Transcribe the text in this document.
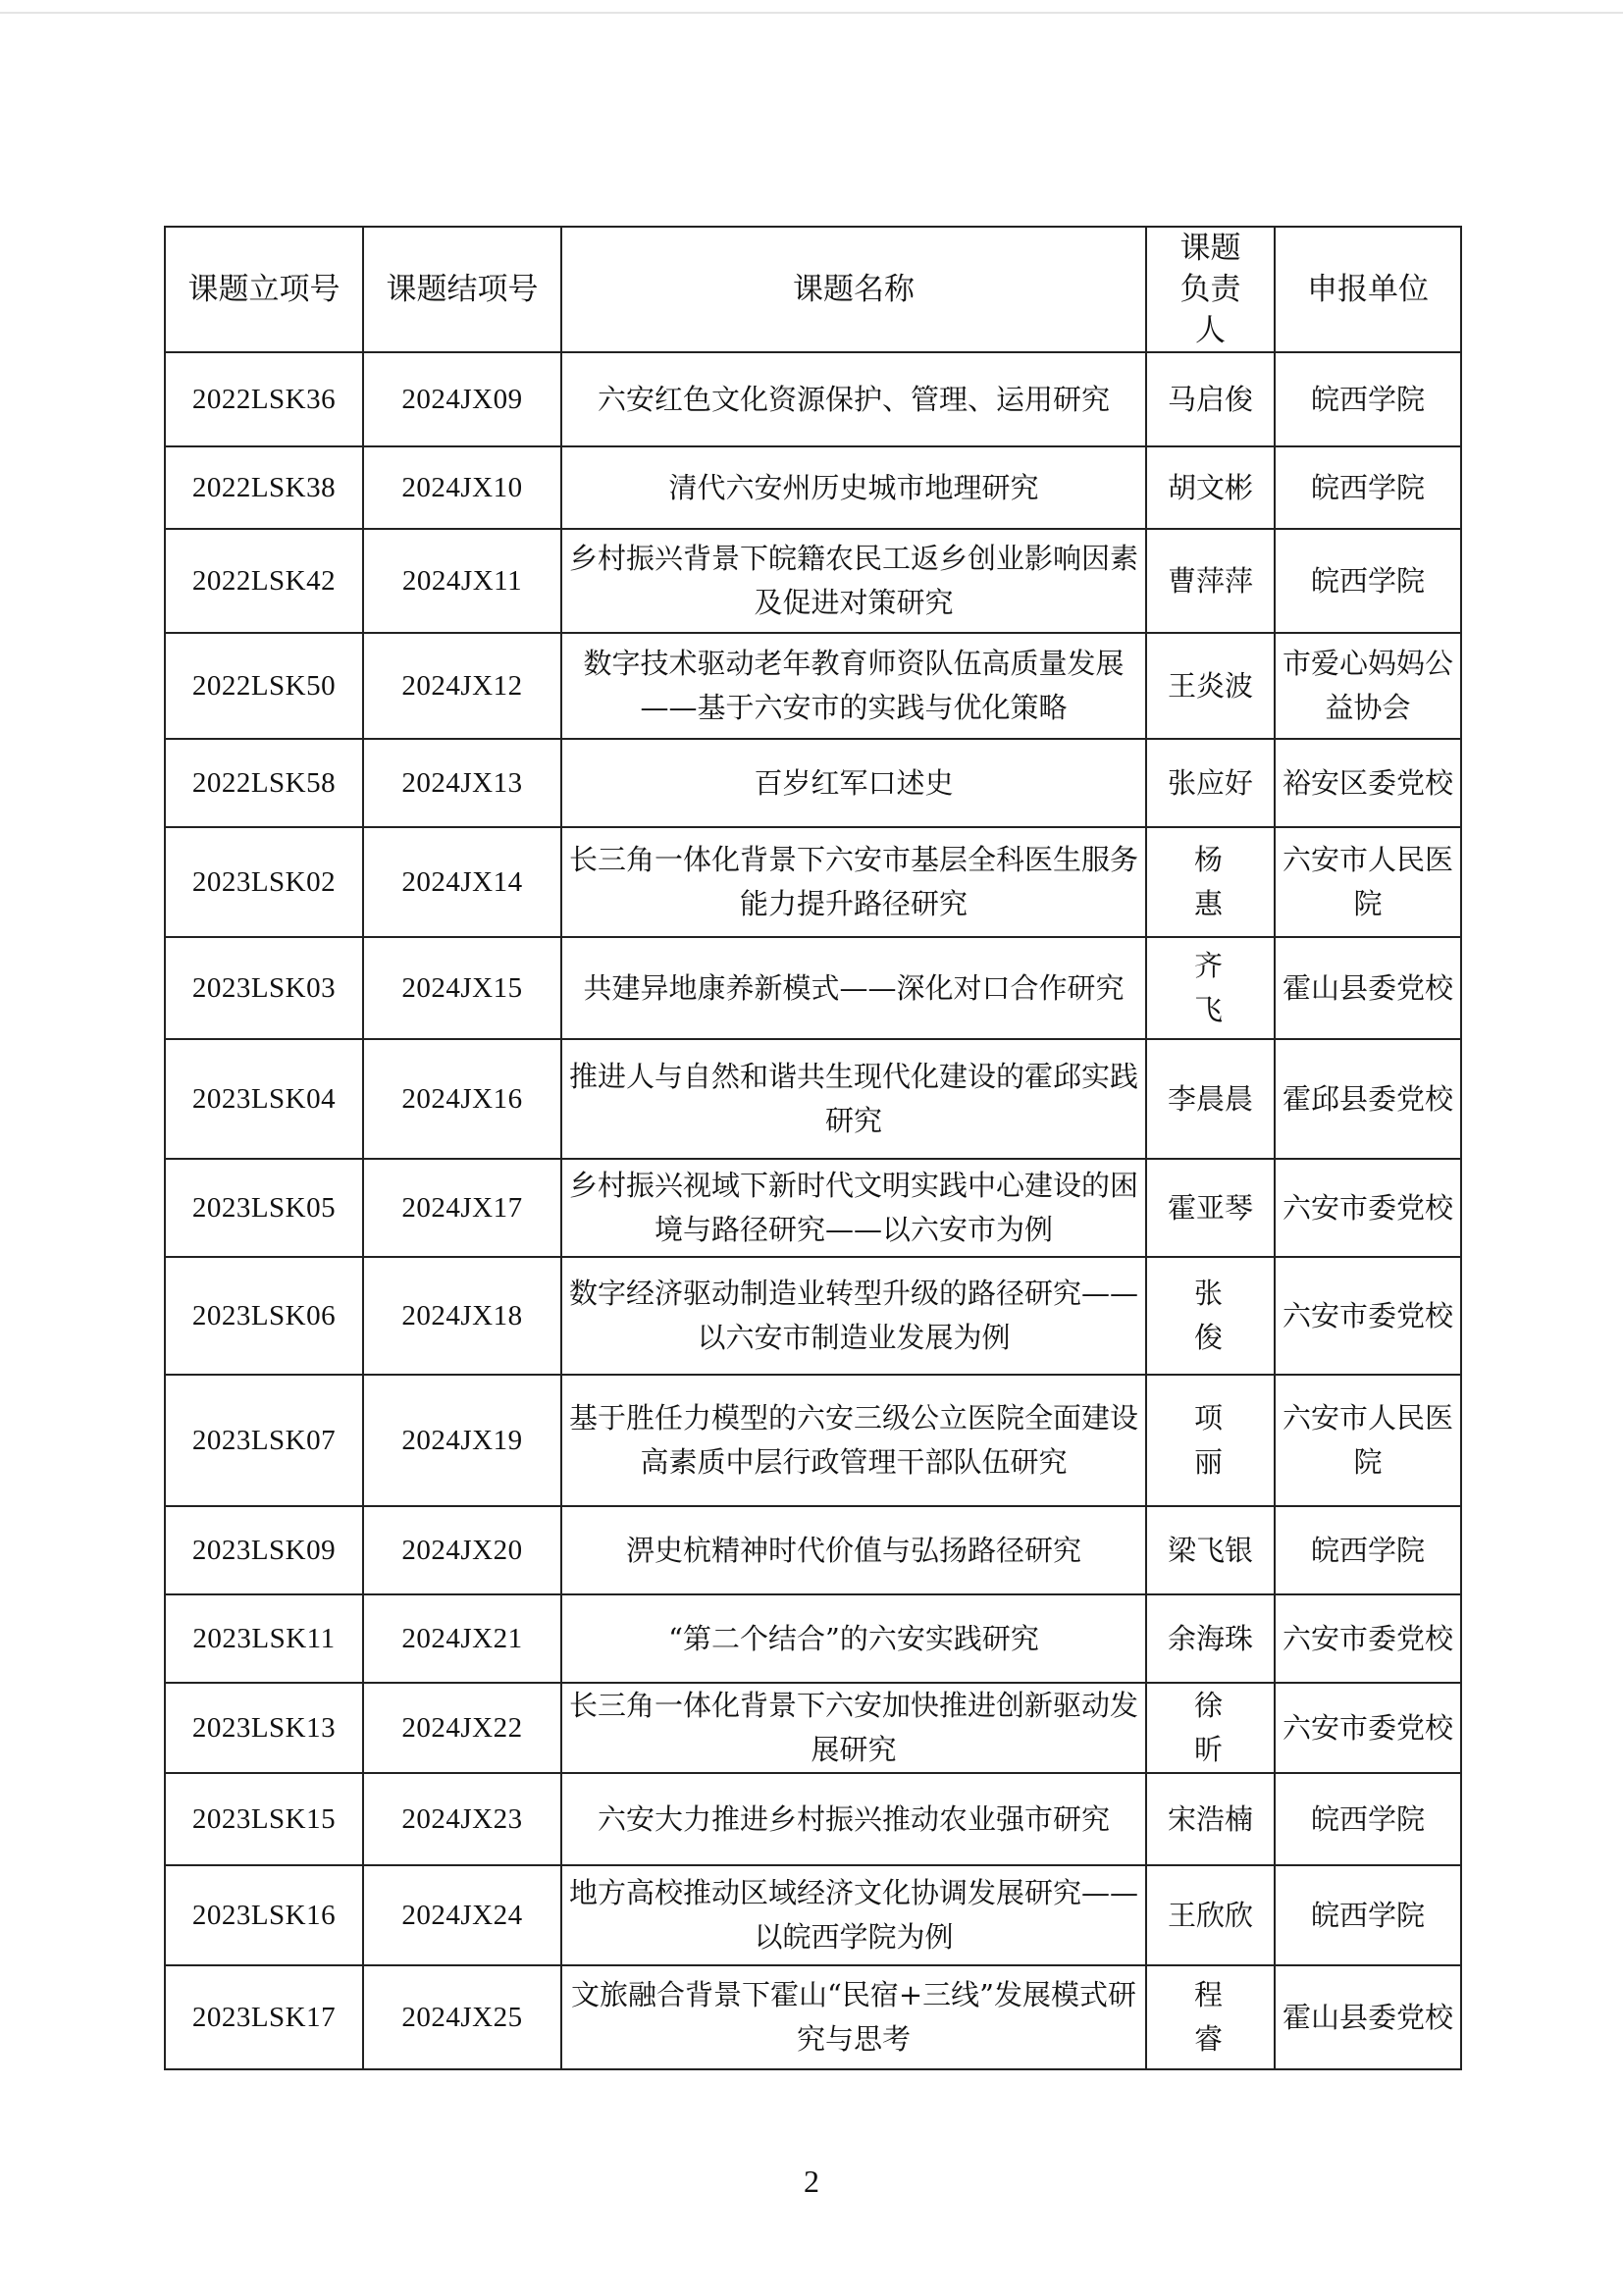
课题立项号	课题结项号	课题名称	课题负责人	申报单位
2022LSK36	2024JX09	六安红色文化资源保护、管理、运用研究	马启俊	皖西学院
2022LSK38	2024JX10	清代六安州历史城市地理研究	胡文彬	皖西学院
2022LSK42	2024JX11	乡村振兴背景下皖籍农民工返乡创业影响因素及促进对策研究	曹萍萍	皖西学院
2022LSK50	2024JX12	数字技术驱动老年教育师资队伍高质量发展——基于六安市的实践与优化策略	王炎波	市爱心妈妈公益协会
2022LSK58	2024JX13	百岁红军口述史	张应好	裕安区委党校
2023LSK02	2024JX14	长三角一体化背景下六安市基层全科医生服务能力提升路径研究	杨惠	六安市人民医院
2023LSK03	2024JX15	共建异地康养新模式——深化对口合作研究	齐飞	霍山县委党校
2023LSK04	2024JX16	推进人与自然和谐共生现代化建设的霍邱实践研究	李晨晨	霍邱县委党校
2023LSK05	2024JX17	乡村振兴视域下新时代文明实践中心建设的困境与路径研究——以六安市为例	霍亚琴	六安市委党校
2023LSK06	2024JX18	数字经济驱动制造业转型升级的路径研究——以六安市制造业发展为例	张俊	六安市委党校
2023LSK07	2024JX19	基于胜任力模型的六安三级公立医院全面建设高素质中层行政管理干部队伍研究	项丽	六安市人民医院
2023LSK09	2024JX20	淠史杭精神时代价值与弘扬路径研究	梁飞银	皖西学院
2023LSK11	2024JX21	“第二个结合”的六安实践研究	余海珠	六安市委党校
2023LSK13	2024JX22	长三角一体化背景下六安加快推进创新驱动发展研究	徐昕	六安市委党校
2023LSK15	2024JX23	六安大力推进乡村振兴推动农业强市研究	宋浩楠	皖西学院
2023LSK16	2024JX24	地方高校推动区域经济文化协调发展研究——以皖西学院为例	王欣欣	皖西学院
2023LSK17	2024JX25	文旅融合背景下霍山“民宿+三线”发展模式研究与思考	程睿	霍山县委党校
2
